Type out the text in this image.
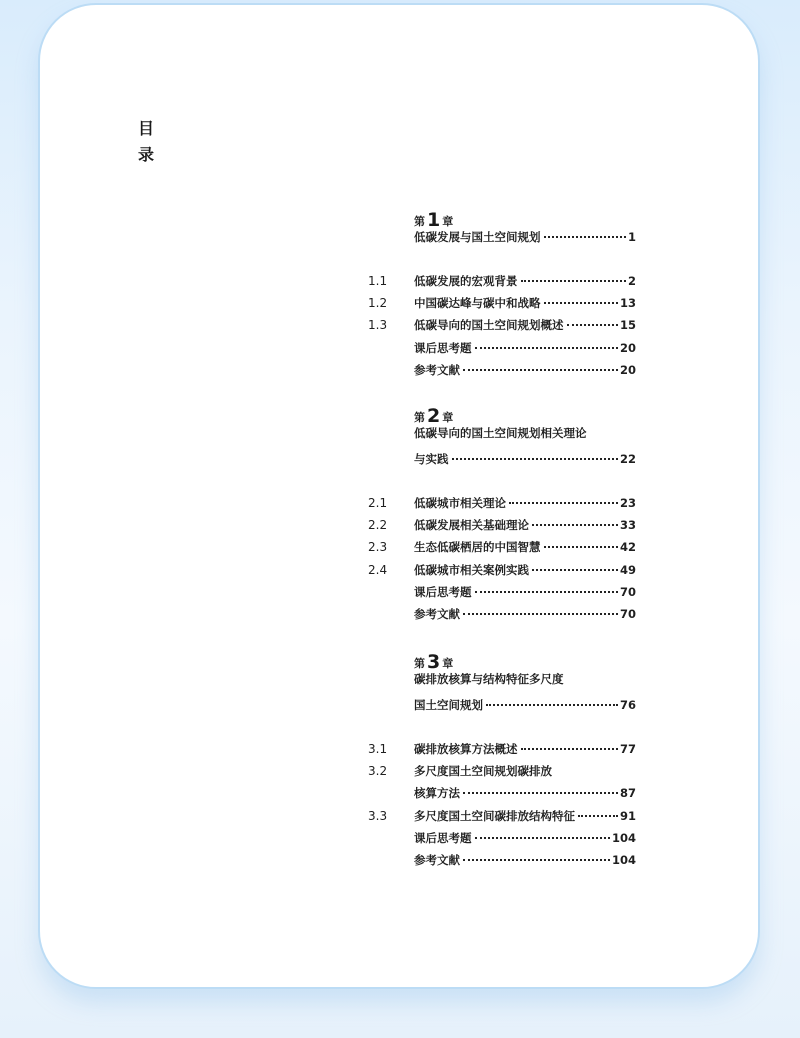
目
录
第 1 章
低碳发展与国土空间规划	1
1.1	低碳发展的宏观背景	2
1.2	中国碳达峰与碳中和战略	13
1.3	低碳导向的国土空间规划概述	15
课后思考题	20
参考文献	20
第 2 章
低碳导向的国土空间规划相关理论
与实践	22
2.1	低碳城市相关理论	23
2.2	低碳发展相关基础理论	33
2.3	生态低碳栖居的中国智慧	42
2.4	低碳城市相关案例实践	49
课后思考题	70
参考文献	70
第 3 章
碳排放核算与结构特征多尺度
国土空间规划	76
3.1	碳排放核算方法概述	77
3.2	多尺度国土空间规划碳排放
核算方法	87
3.3	多尺度国土空间碳排放结构特征	91
课后思考题	104
参考文献	104
